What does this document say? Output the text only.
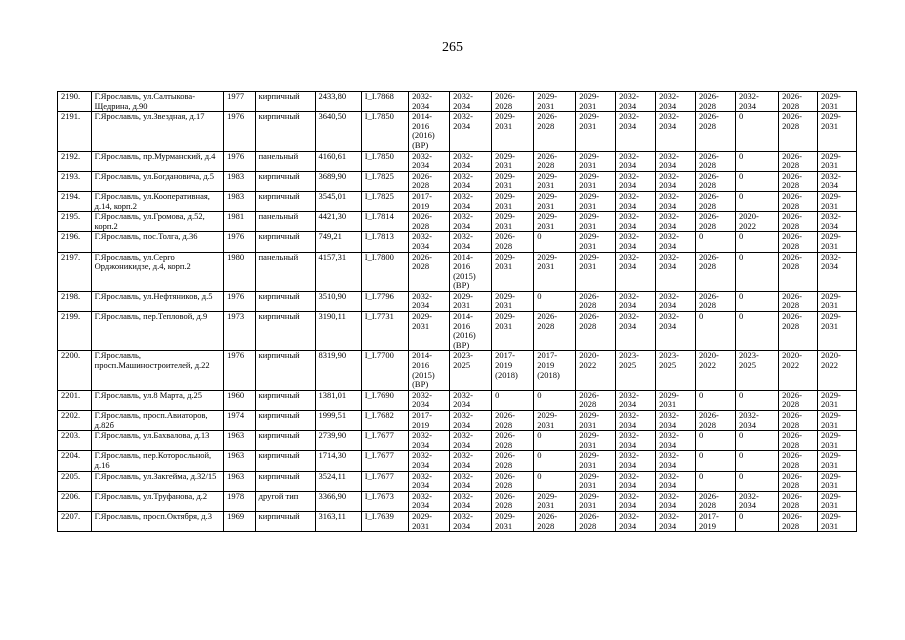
265
2190.	Г.Ярославль, ул.Салтыкова-Щедрина, д.90	1977	кирпичный	2433,80	I_I.7868	2032-
2034	2032-
2034	2026-
2028	2029-
2031	2029-
2031	2032-
2034	2032-
2034	2026-
2028	2032-
2034	2026-
2028	2029-
2031
2191.	Г.Ярославль, ул.Звездная, д.17	1976	кирпичный	3640,50	I_I.7850	2014-
2016
(2016)
(ВР)	2032-
2034	2029-
2031	2026-
2028	2029-
2031	2032-
2034	2032-
2034	2026-
2028	0	2026-
2028	2029-
2031
2192.	Г.Ярославль, пр.Мурманский, д.4	1976	панельный	4160,61	I_I.7850	2032-
2034	2032-
2034	2029-
2031	2026-
2028	2029-
2031	2032-
2034	2032-
2034	2026-
2028	0	2026-
2028	2029-
2031
2193.	Г.Ярославль, ул.Богдановича, д.5	1983	кирпичный	3689,90	I_I.7825	2026-
2028	2032-
2034	2029-
2031	2029-
2031	2029-
2031	2032-
2034	2032-
2034	2026-
2028	0	2026-
2028	2032-
2034
2194.	Г.Ярославль, ул.Кооперативная, д.14, корп.2	1983	кирпичный	3545,01	I_I.7825	2017-
2019	2032-
2034	2029-
2031	2029-
2031	2029-
2031	2032-
2034	2032-
2034	2026-
2028	0	2026-
2028	2029-
2031
2195.	Г.Ярославль, ул.Громова, д.52, корп.2	1981	панельный	4421,30	I_I.7814	2026-
2028	2032-
2034	2029-
2031	2029-
2031	2029-
2031	2032-
2034	2032-
2034	2026-
2028	2020-
2022	2026-
2028	2032-
2034
2196.	Г.Ярославль, пос.Толга, д.36	1976	кирпичный	749,21	I_I.7813	2032-
2034	2032-
2034	2026-
2028	0	2029-
2031	2032-
2034	2032-
2034	0	0	2026-
2028	2029-
2031
2197.	Г.Ярославль, ул.Серго Орджоникидзе, д.4, корп.2	1980	панельный	4157,31	I_I.7800	2026-
2028	2014-
2016
(2015)
(ВР)	2029-
2031	2029-
2031	2029-
2031	2032-
2034	2032-
2034	2026-
2028	0	2026-
2028	2032-
2034
2198.	Г.Ярославль, ул.Нефтяников, д.5	1976	кирпичный	3510,90	I_I.7796	2032-
2034	2029-
2031	2029-
2031	0	2026-
2028	2032-
2034	2032-
2034	2026-
2028	0	2026-
2028	2029-
2031
2199.	Г.Ярославль, пер.Тепловой, д.9	1973	кирпичный	3190,11	I_I.7731	2029-
2031	2014-
2016
(2016)
(ВР)	2029-
2031	2026-
2028	2026-
2028	2032-
2034	2032-
2034	0	0	2026-
2028	2029-
2031
2200.	Г.Ярославль, просп.Машиностроителей, д.22	1976	кирпичный	8319,90	I_I.7700	2014-
2016
(2015)
(ВР)	2023-
2025	2017-
2019
(2018)	2017-
2019
(2018)	2020-
2022	2023-
2025	2023-
2025	2020-
2022	2023-
2025	2020-
2022	2020-
2022
2201.	Г.Ярославль, ул.8 Марта, д.25	1960	кирпичный	1381,01	I_I.7690	2032-
2034	2032-
2034	0	0	2026-
2028	2032-
2034	2029-
2031	0	0	2026-
2028	2029-
2031
2202.	Г.Ярославль, просп.Авиаторов, д.82б	1974	кирпичный	1999,51	I_I.7682	2017-
2019	2032-
2034	2026-
2028	2029-
2031	2029-
2031	2032-
2034	2032-
2034	2026-
2028	2032-
2034	2026-
2028	2029-
2031
2203.	Г.Ярославль, ул.Бахвалова, д.13	1963	кирпичный	2739,90	I_I.7677	2032-
2034	2032-
2034	2026-
2028	0	2029-
2031	2032-
2034	2032-
2034	0	0	2026-
2028	2029-
2031
2204.	Г.Ярославль, пер.Которосльной, д.16	1963	кирпичный	1714,30	I_I.7677	2032-
2034	2032-
2034	2026-
2028	0	2029-
2031	2032-
2034	2032-
2034	0	0	2026-
2028	2029-
2031
2205.	Г.Ярославль, ул.Закгейма, д.32/15	1963	кирпичный	3524,11	I_I.7677	2032-
2034	2032-
2034	2026-
2028	0	2029-
2031	2032-
2034	2032-
2034	0	0	2026-
2028	2029-
2031
2206.	Г.Ярославль, ул.Труфанова, д.2	1978	другой тип	3366,90	I_I.7673	2032-
2034	2032-
2034	2026-
2028	2029-
2031	2029-
2031	2032-
2034	2032-
2034	2026-
2028	2032-
2034	2026-
2028	2029-
2031
2207.	Г.Ярославль, просп.Октября, д.3	1969	кирпичный	3163,11	I_I.7639	2029-
2031	2032-
2034	2029-
2031	2026-
2028	2026-
2028	2032-
2034	2032-
2034	2017-
2019	0	2026-
2028	2029-
2031
